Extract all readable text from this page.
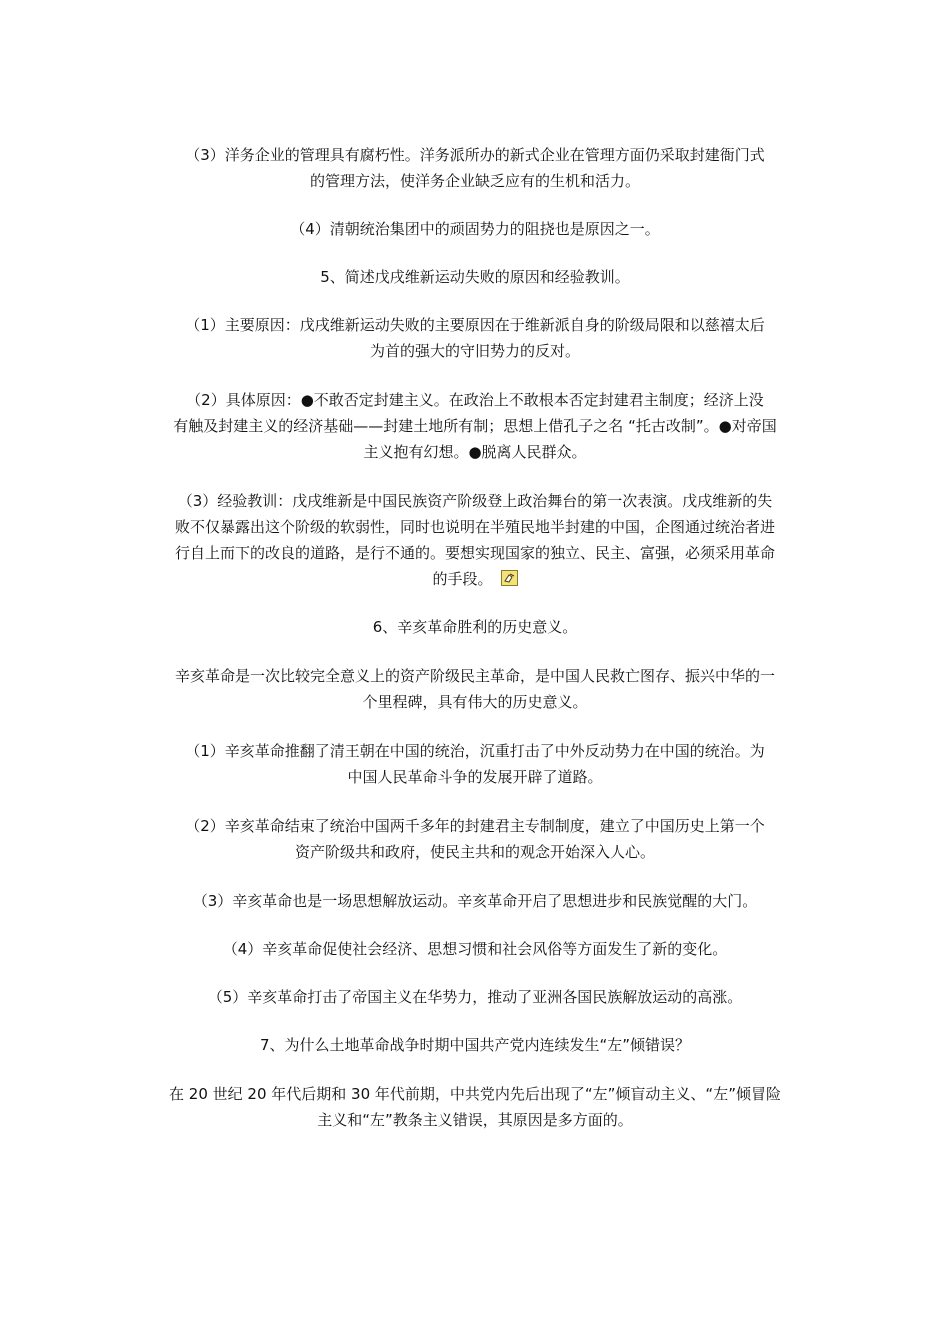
（3）洋务企业的管理具有腐朽性。洋务派所办的新式企业在管理方面仍采取封建衙门式
的管理方法，使洋务企业缺乏应有的生机和活力。
（4）清朝统治集团中的顽固势力的阻挠也是原因之一。
5、简述戊戌维新运动失败的原因和经验教训。
（1）主要原因：戊戌维新运动失败的主要原因在于维新派自身的阶级局限和以慈禧太后
为首的强大的守旧势力的反对。
（2）具体原因：●不敢否定封建主义。在政治上不敢根本否定封建君主制度；经济上没
有触及封建主义的经济基础——封建土地所有制；思想上借孔子之名 “托古改制”。●对帝国
主义抱有幻想。●脱离人民群众。
（3）经验教训：戊戌维新是中国民族资产阶级登上政治舞台的第一次表演。戊戌维新的失
败不仅暴露出这个阶级的软弱性，同时也说明在半殖民地半封建的中国，企图通过统治者进
行自上而下的改良的道路，是行不通的。要想实现国家的独立、民主、富强，必须采用革命
的手段。
6、辛亥革命胜利的历史意义。
辛亥革命是一次比较完全意义上的资产阶级民主革命，是中国人民救亡图存、振兴中华的一
个里程碑，具有伟大的历史意义。
（1）辛亥革命推翻了清王朝在中国的统治，沉重打击了中外反动势力在中国的统治。为
中国人民革命斗争的发展开辟了道路。
（2）辛亥革命结束了统治中国两千多年的封建君主专制制度，建立了中国历史上第一个
资产阶级共和政府，使民主共和的观念开始深入人心。
（3）辛亥革命也是一场思想解放运动。辛亥革命开启了思想进步和民族觉醒的大门。
（4）辛亥革命促使社会经济、思想习惯和社会风俗等方面发生了新的变化。
（5）辛亥革命打击了帝国主义在华势力，推动了亚洲各国民族解放运动的高涨。
7、为什么土地革命战争时期中国共产党内连续发生“左”倾错误？
在 20 世纪 20 年代后期和 30 年代前期，中共党内先后出现了“左”倾盲动主义、“左”倾冒险
主义和“左”教条主义错误，其原因是多方面的。
